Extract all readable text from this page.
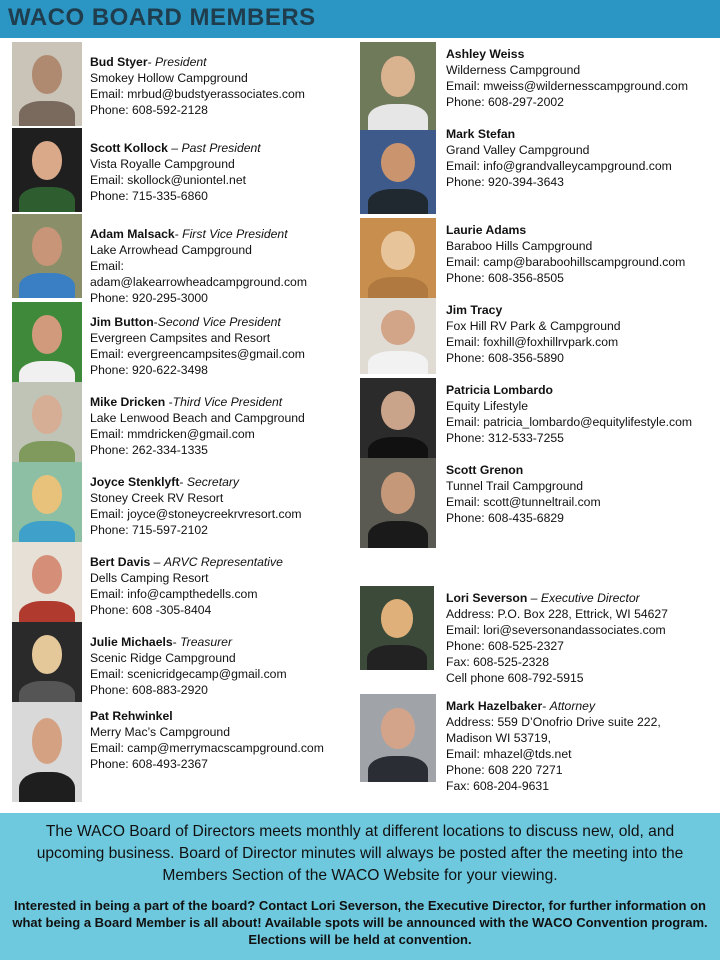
WACO BOARD MEMBERS
Bud Styer- President
Smokey Hollow Campground
Email: mrbud@budstyerassociates.com
Phone: 608-592-2128
Scott Kollock – Past President
Vista Royalle Campground
Email: skollock@uniontel.net
Phone: 715-335-6860
Adam Malsack- First Vice President
Lake Arrowhead Campground
Email:
adam@lakearrowheadcampground.com
Phone: 920-295-3000
Jim Button-Second Vice President
Evergreen Campsites and Resort
Email: evergreencampsites@gmail.com
Phone: 920-622-3498
Mike Dricken -Third Vice President
Lake Lenwood Beach and Campground
Email: mmdricken@gmail.com
Phone: 262-334-1335
Joyce Stenklyft- Secretary
Stoney Creek RV Resort
Email: joyce@stoneycreekrvresort.com
Phone: 715-597-2102
Bert Davis – ARVC Representative
Dells Camping Resort
Email: info@campthedells.com
Phone: 608 -305-8404
Julie Michaels- Treasurer
Scenic Ridge Campground
Email: scenicridgecamp@gmail.com
Phone: 608-883-2920
Pat Rehwinkel
Merry Mac’s Campground
Email: camp@merrymacscampground.com
Phone: 608-493-2367
Ashley Weiss
Wilderness Campground
Email: mweiss@wildernesscampground.com
Phone: 608-297-2002
Mark Stefan
Grand Valley Campground
Email: info@grandvalleycampground.com
Phone: 920-394-3643
Laurie Adams
Baraboo Hills Campground
Email: camp@baraboohillscampground.com
Phone: 608-356-8505
Jim Tracy
Fox Hill RV Park & Campground
Email: foxhill@foxhillrvpark.com
Phone: 608-356-5890
Patricia Lombardo
Equity Lifestyle
Email: patricia_lombardo@equitylifestyle.com
Phone: 312-533-7255
Scott Grenon
Tunnel Trail Campground
Email: scott@tunneltrail.com
Phone: 608-435-6829
Lori Severson – Executive Director
Address: P.O. Box 228, Ettrick, WI 54627
Email: lori@seversonandassociates.com
Phone: 608-525-2327
Fax: 608-525-2328
Cell phone 608-792-5915
Mark Hazelbaker- Attorney
Address: 559 D’Onofrio Drive suite 222,
Madison WI 53719,
Email: mhazel@tds.net
Phone: 608 220 7271
Fax: 608-204-9631
The WACO Board of Directors meets monthly at different locations to discuss new, old, and upcoming business. Board of Director minutes will always be posted after the meeting into the Members Section of the WACO Website for your viewing.
Interested in being a part of the board? Contact Lori Severson, the Executive Director, for further information on what being a Board Member is all about! Available spots will be announced with the WACO Convention program. Elections will be held at convention.
